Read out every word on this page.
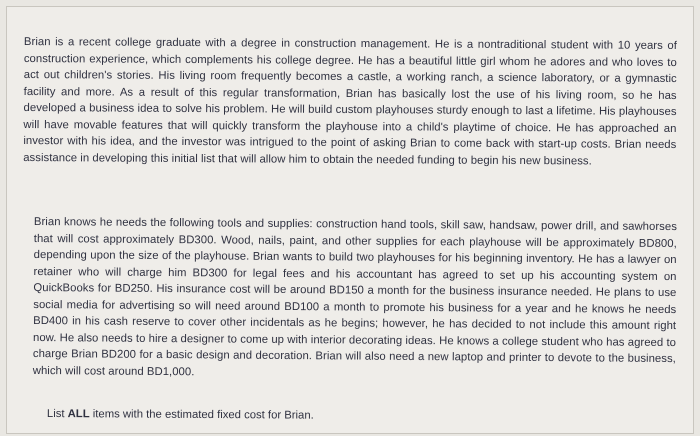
Brian is a recent college graduate with a degree in construction management. He is a nontraditional student with 10 years of construction experience, which complements his college degree. He has a beautiful little girl whom he adores and who loves to act out children's stories. His living room frequently becomes a castle, a working ranch, a science laboratory, or a gymnastic facility and more. As a result of this regular transformation, Brian has basically lost the use of his living room, so he has developed a business idea to solve his problem. He will build custom playhouses sturdy enough to last a lifetime. His playhouses will have movable features that will quickly transform the playhouse into a child's playtime of choice. He has approached an investor with his idea, and the investor was intrigued to the point of asking Brian to come back with start-up costs. Brian needs assistance in developing this initial list that will allow him to obtain the needed funding to begin his new business.

Brian knows he needs the following tools and supplies: construction hand tools, skill saw, handsaw, power drill, and sawhorses that will cost approximately BD300. Wood, nails, paint, and other supplies for each playhouse will be approximately BD800, depending upon the size of the playhouse. Brian wants to build two playhouses for his beginning inventory. He has a lawyer on retainer who will charge him BD300 for legal fees and his accountant has agreed to set up his accounting system on QuickBooks for BD250. His insurance cost will be around BD150 a month for the business insurance needed. He plans to use social media for advertising so will need around BD100 a month to promote his business for a year and he knows he needs BD400 in his cash reserve to cover other incidentals as he begins; however, he has decided to not include this amount right now. He also needs to hire a designer to come up with interior decorating ideas. He knows a college student who has agreed to charge Brian BD200 for a basic design and decoration. Brian will also need a new laptop and printer to devote to the business, which will cost around BD1,000.

List ALL items with the estimated fixed cost for Brian.
